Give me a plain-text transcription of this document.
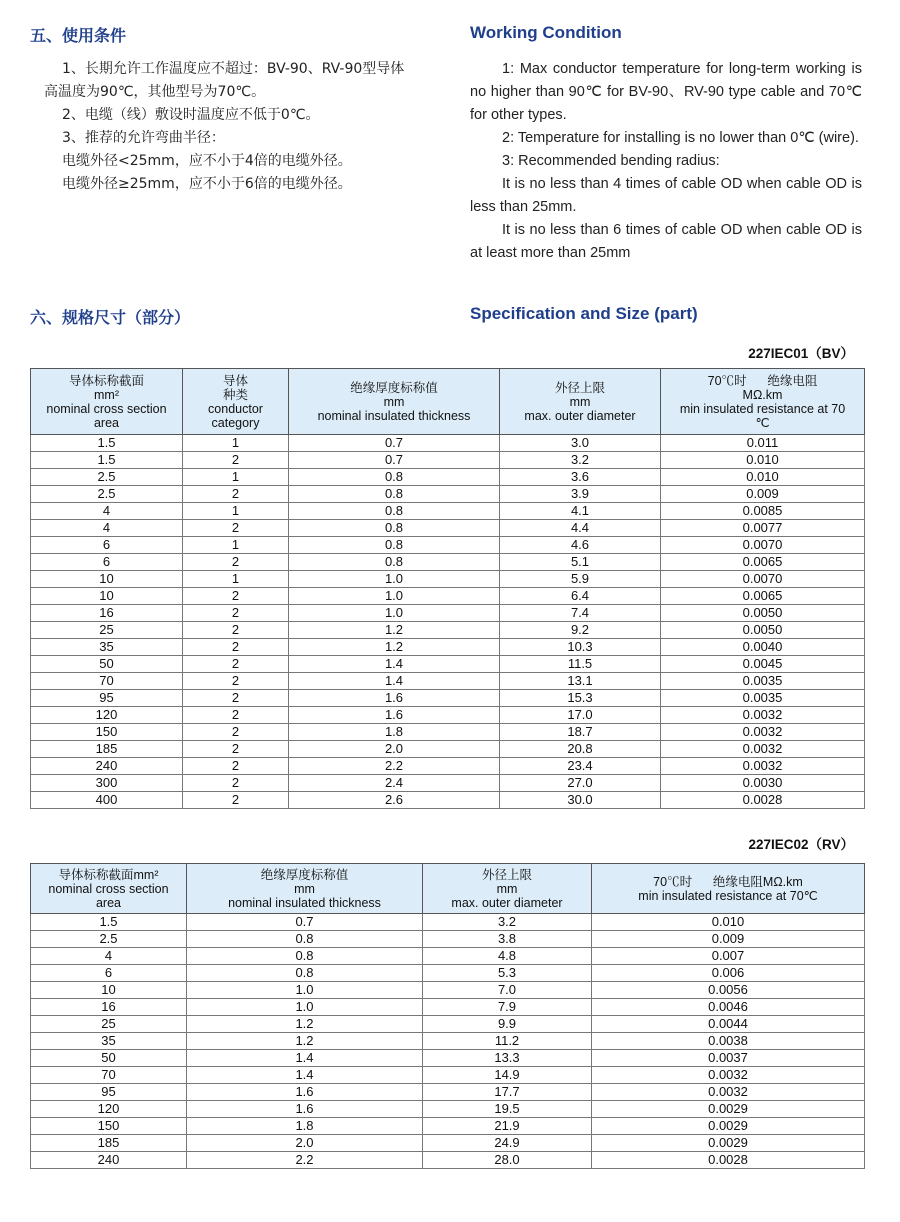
五、使用条件	Working Condition

1、长期允许工作温度应不超过：BV-90、RV-90型导体

高温度为90℃，其他型号为70℃。

2、电缆（线）敷设时温度应不低于0℃。

3、推荐的允许弯曲半径：

电缆外径<25mm，应不小于4倍的电缆外径。

电缆外径≥25mm，应不小于6倍的电缆外径。

1: Max conductor temperature for long-term working is no higher than 90℃ for BV-90、RV-90 type cable and 70℃ for other types.

2: Temperature for installing is no lower than 0℃ (wire).

3: Recommended bending radius:

It is no less than 4 times of cable OD when cable OD is less than 25mm.

It is no less than 6 times of cable OD when cable OD is at least more than 25mm

六、规格尺寸（部分）	Specification and Size (part)
227IEC01（BV）
导体标称截面
mm²
nominal cross section
area	导体
种类
conductor
category	绝缘厚度标称值
mm
nominal insulated thickness	外径上限
mm
max. outer diameter	70℃时      绝缘电阻
MΩ.km
min insulated resistance at 70
℃

1.5	1	0.7	3.0	0.011
1.5	2	0.7	3.2	0.010
2.5	1	0.8	3.6	0.010
2.5	2	0.8	3.9	0.009
4	1	0.8	4.1	0.0085
4	2	0.8	4.4	0.0077
6	1	0.8	4.6	0.0070
6	2	0.8	5.1	0.0065
10	1	1.0	5.9	0.0070
10	2	1.0	6.4	0.0065
16	2	1.0	7.4	0.0050
25	2	1.2	9.2	0.0050
35	2	1.2	10.3	0.0040
50	2	1.4	11.5	0.0045
70	2	1.4	13.1	0.0035
95	2	1.6	15.3	0.0035
120	2	1.6	17.0	0.0032
150	2	1.8	18.7	0.0032
185	2	2.0	20.8	0.0032
240	2	2.2	23.4	0.0032
300	2	2.4	27.0	0.0030
400	2	2.6	30.0	0.0028
227IEC02（RV）
导体标称截面mm²
nominal cross section
area	绝缘厚度标称值
mm
nominal insulated thickness	外径上限
mm
max. outer diameter	70℃时      绝缘电阻MΩ.km
min insulated resistance at 70℃

1.5	0.7	3.2	0.010
2.5	0.8	3.8	0.009
4	0.8	4.8	0.007
6	0.8	5.3	0.006
10	1.0	7.0	0.0056
16	1.0	7.9	0.0046
25	1.2	9.9	0.0044
35	1.2	11.2	0.0038
50	1.4	13.3	0.0037
70	1.4	14.9	0.0032
95	1.6	17.7	0.0032
120	1.6	19.5	0.0029
150	1.8	21.9	0.0029
185	2.0	24.9	0.0029
240	2.2	28.0	0.0028
